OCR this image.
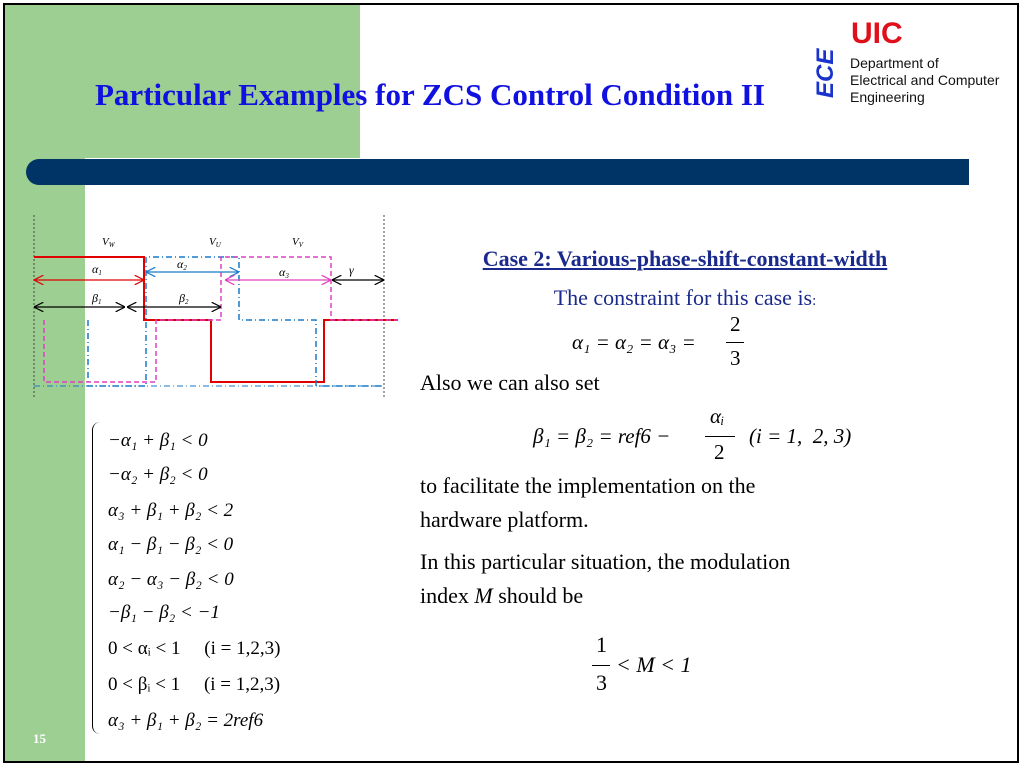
Particular Examples for ZCS Control Condition II
UIC
ECE Department of
Electrical and Computer
Engineering
VW	VU	VV
α1
α2	α3	γ
β1	β2
−α₁ + β₁ < 0
−α₂ + β₂ < 0
α₃ + β₁ + β₂ < 2
α₁ − β₁ − β₂ < 0
α₂ − α₃ − β₂ < 0
−β₁ − β₂ < −1
0 < αᵢ < 1     (i = 1,2,3)
0 < βᵢ < 1     (i = 1,2,3)
α₃ + β₁ + β₂ = 2ref6
Case 2: Various-phase-shift-constant-width
The constraint for this case is:
α₁ = α₂ = α₃ =
2
3
Also we can also set
β₁ = β₂ = ref6 −
αᵢ
2
(i = 1,  2, 3)
to facilitate the implementation on the
hardware platform.
In this particular situation, the modulation
index M should be
1
3
< M < 1
15
